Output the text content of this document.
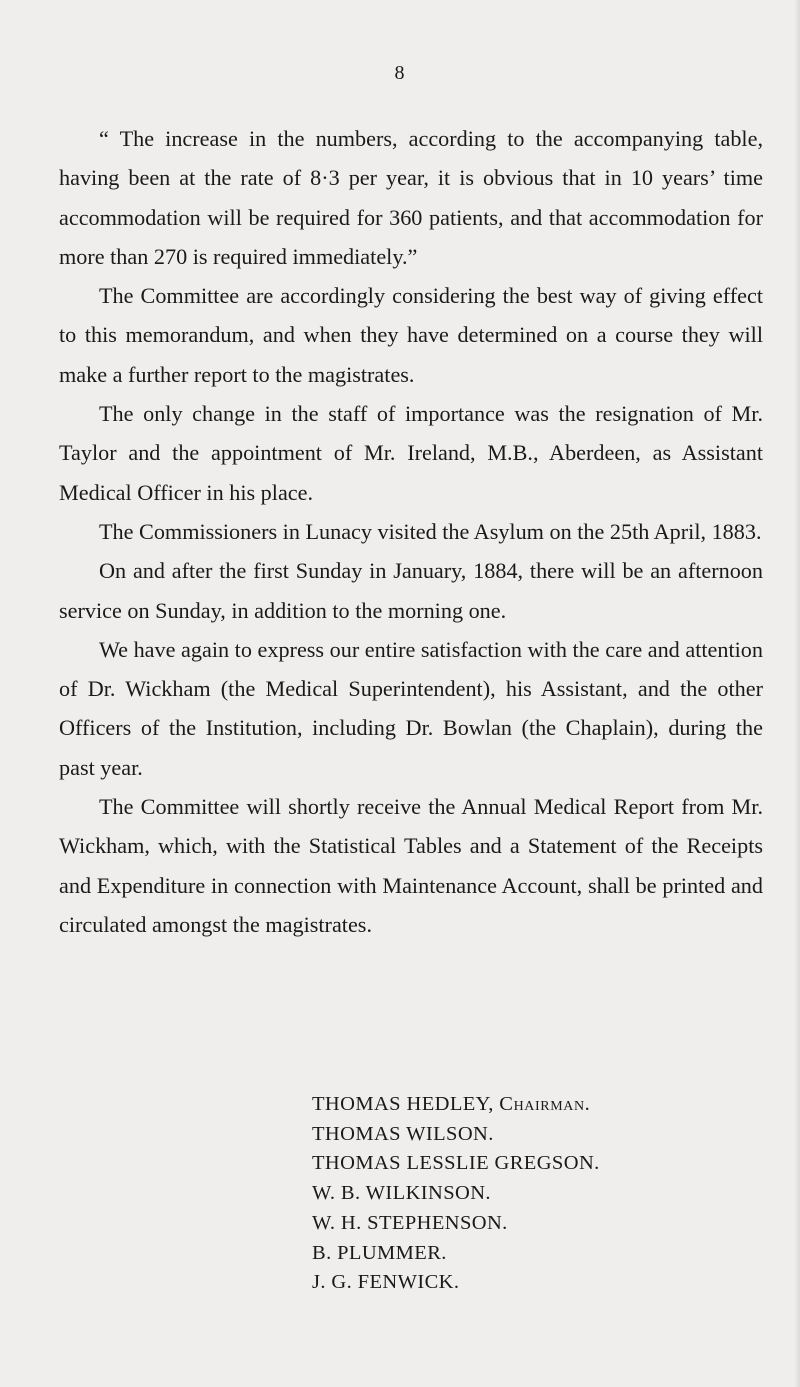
8

“ The increase in the numbers, according to the accompanying table, having been at the rate of 8·3 per year, it is obvious that in 10 years’ time accommodation will be required for 360 patients, and that accommodation for more than 270 is required immediately.”

The Committee are accordingly considering the best way of giving effect to this memorandum, and when they have determined on a course they will make a further report to the magistrates.

The only change in the staff of importance was the resignation of Mr. Taylor and the appointment of Mr. Ireland, M.B., Aberdeen, as Assistant Medical Officer in his place.

The Commissioners in Lunacy visited the Asylum on the 25th April, 1883.

On and after the first Sunday in January, 1884, there will be an afternoon service on Sunday, in addition to the morning one.

We have again to express our entire satisfaction with the care and attention of Dr. Wickham (the Medical Superintendent), his Assistant, and the other Officers of the Institution, including Dr. Bowlan (the Chaplain), during the past year.

The Committee will shortly receive the Annual Medical Report from Mr. Wickham, which, with the Statistical Tables and a Statement of the Receipts and Expenditure in connection with Maintenance Account, shall be printed and circulated amongst the magistrates.

THOMAS HEDLEY, Chairman.
THOMAS WILSON.
THOMAS LESSLIE GREGSON.
W. B. WILKINSON.
W. H. STEPHENSON.
B. PLUMMER.
J. G. FENWICK.
